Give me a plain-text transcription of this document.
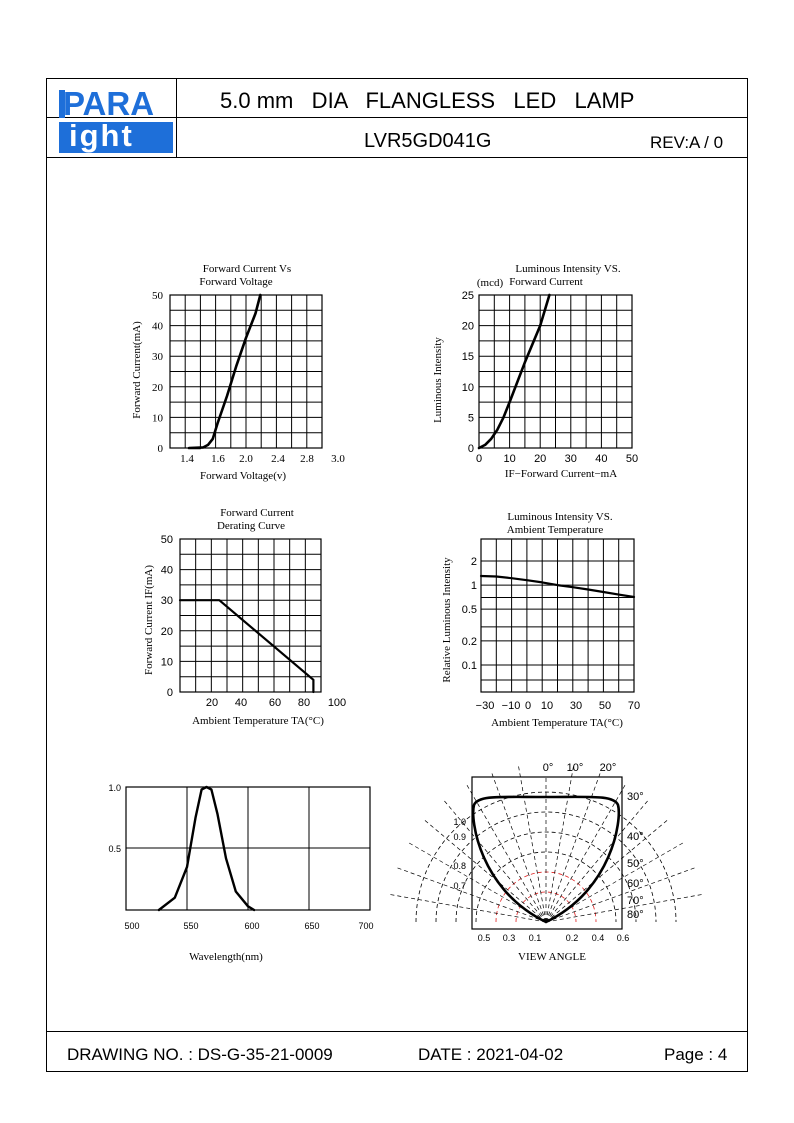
PARA
ight
5.0 mm   DIA   FLANGLESS   LED   LAMP
LVR5GD041G	REV:A / 0
DRAWING NO. : DS-G-35-21-0009	DATE : 2021-04-02	Page : 4
Forward Current Vs
Forward Voltage
0
10
20
30
40
50
1.4 1.6 2.0 2.4 2.8 3.0
Forward Voltage(v)
Forward Current(mA)
Luminous Intensity VS.
(mcd) Forward Current
0
5
10
15
20
25
0 10 20 30 40 50
IF−Forward Current−mA
Luminous Intensity
Forward Current
Derating Curve
0
10
20
30
40
50
20 40 60 80 100
Ambient Temperature TA(°C)
Forward Current IF(mA)
Luminous Intensity VS.
Ambient Temperature
2
1
0.5
0.2
0.1
−30 −10 0 10 30 50 70
Ambient Temperature TA(°C)
Relative Luminous Intensity
1.0
0.5
500	550	600	650	700
Wavelength(nm)
0° 10° 20°
30°
40°
50°
60°
70°
80°
1.0
0.9
0.8
0.7
0.5 0.3 0.1	0.2 0.4 0.6
VIEW ANGLE
